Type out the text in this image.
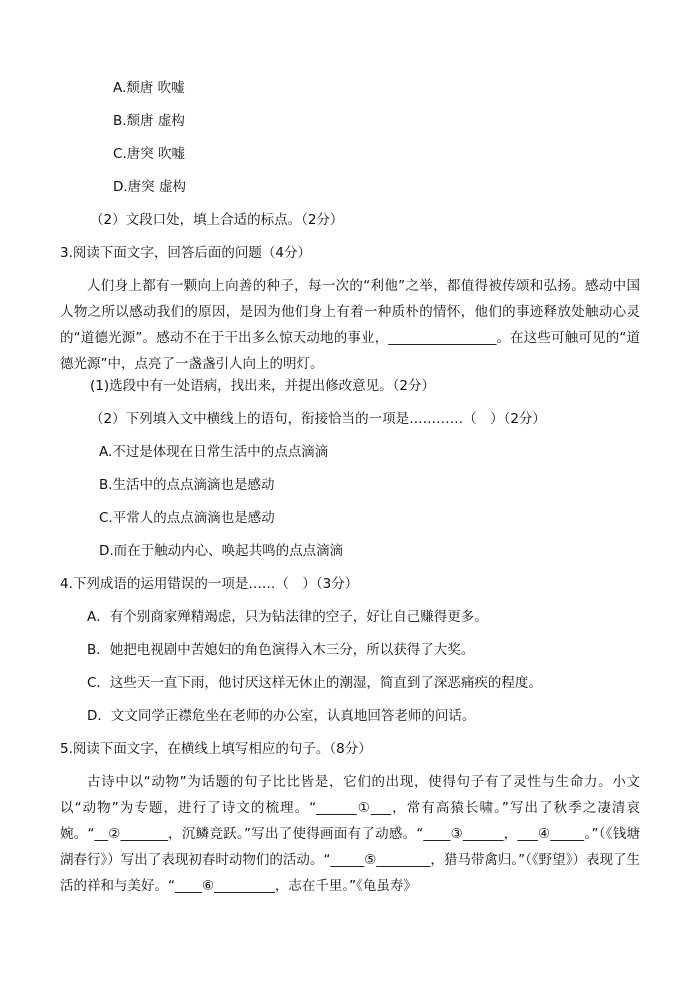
A.颓唐 吹嘘
B.颓唐 虚构
C.唐突 吹嘘
D.唐突 虚构
（2）文段口处，填上合适的标点。（2分）
3.阅读下面文字，回答后面的问题（4分）
人们身上都有一颗向上向善的种子，每一次的“利他”之举，都值得被传颂和弘扬。感动中国人物之所以感动我们的原因，是因为他们身上有着一种质朴的情怀，他们的事迹释放处触动心灵的“道德光源”。感动不在于干出多么惊天动地的事业，________________。在这些可触可见的“道德光源”中，点亮了一盏盏引人向上的明灯。
(1)选段中有一处语病，找出来，并提出修改意见。（2分）
（2）下列填入文中横线上的语句，衔接恰当的一项是…………（　）（2分）
A.不过是体现在日常生活中的点点滴滴
B.生活中的点点滴滴也是感动
C.平常人的点点滴滴也是感动
D.而在于触动内心、唤起共鸣的点点滴滴
4.下列成语的运用错误的一项是……（　）（3分）
A．有个别商家殚精竭虑，只为钻法律的空子，好让自己赚得更多。
B．她把电视剧中苦媳妇的角色演得入木三分，所以获得了大奖。
C．这些天一直下雨，他讨厌这样无休止的潮湿，简直到了深恶痛疾的程度。
D．文文同学正襟危坐在老师的办公室，认真地回答老师的问话。
5.阅读下面文字，在横线上填写相应的句子。（8分）
古诗中以“动物”为话题的句子比比皆是，它们的出现，使得句子有了灵性与生命力。小文以“动物”为专题，进行了诗文的梳理。“______①___，常有高猿长啸。”写出了秋季之凄清哀婉。“__②_______，沉鳞竞跃。”写出了使得画面有了动感。“____③______，___④_____。”（《钱塘湖春行》）写出了表现初春时动物们的活动。“_____⑤________，猎马带禽归。”（《野望》）表现了生活的祥和与美好。“____⑥_________，志在千里。”《龟虽寿》
